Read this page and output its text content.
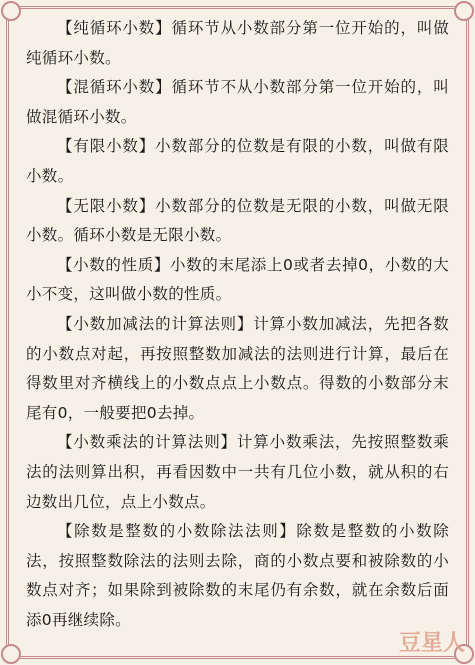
【纯循环小数】循环节从小数部分第一位开始的，叫做纯循环小数。

【混循环小数】循环节不从小数部分第一位开始的，叫做混循环小数。

【有限小数】小数部分的位数是有限的小数，叫做有限小数。

【无限小数】小数部分的位数是无限的小数，叫做无限小数。循环小数是无限小数。

【小数的性质】小数的末尾添上0或者去掉0，小数的大小不变，这叫做小数的性质。

【小数加减法的计算法则】计算小数加减法，先把各数的小数点对起，再按照整数加减法的法则进行计算，最后在得数里对齐横线上的小数点点上小数点。得数的小数部分末尾有0，一般要把0去掉。

【小数乘法的计算法则】计算小数乘法，先按照整数乘法的法则算出积，再看因数中一共有几位小数，就从积的右边数出几位，点上小数点。

【除数是整数的小数除法法则】除数是整数的小数除法，按照整数除法的法则去除，商的小数点要和被除数的小数点对齐；如果除到被除数的末尾仍有余数，就在余数后面添0再继续除。

豆星人
